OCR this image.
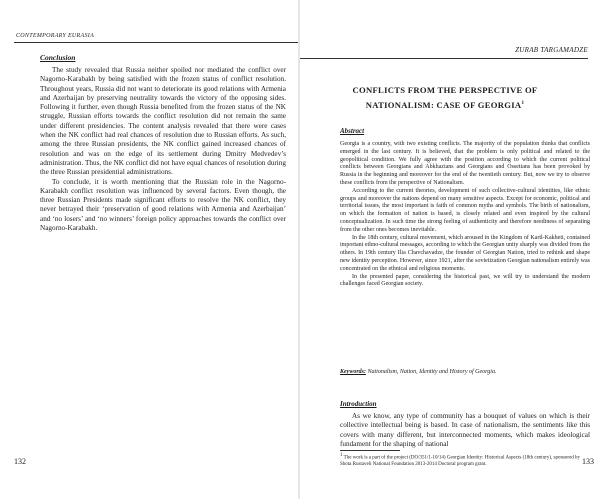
CONTEMPORARY EURASIA
Conclusion

The study revealed that Russia neither spoiled nor mediated the conflict over Nagorno-Karabakh by being satisfied with the frozen status of conflict resolution. Throughout years, Russia did not want to deteriorate its good relations with Armenia and Azerbaijan by preserving neutrality towards the victory of the opposing sides. Following it further, even though Russia benefited from the frozen status of the NK struggle, Russian efforts towards the conflict resolution did not remain the same under different presidencies. The content analysis revealed that there were cases when the NK conflict had real chances of resolution due to Russian efforts. As such, among the three Russian presidents, the NK conflict gained increased chances of resolution and was on the edge of its settlement during Dmitry Medvedev’s administration. Thus, the NK conflict did not have equal chances of resolution during the three Russian presidential administrations.

To conclude, it is worth mentioning that the Russian role in the Nagorno-Karabakh conflict resolution was influenced by several factors. Even though, the three Russian Presidents made significant efforts to resolve the NK conflict, they never betrayed their ‘preservation of good relations with Armenia and Azerbaijan’ and ‘no losers’ and ‘no winners’ foreign policy approaches towards the conflict over Nagorno-Karabakh.

132
ZURAB TARGAMADZE
CONFLICTS FROM THE PERSPECTIVE OF NATIONALISM: CASE OF GEORGIA$^1$
Abstract

Georgia is a country, with two existing conflicts. The majority of the population thinks that conflicts emerged in the last century. It is believed, that the problem is only political and related to the geopolitical condition. We fully agree with the position according to which the current political conflicts between Georgians and Abkhazians and Georgians and Ossetians has been provoked by Russia in the beginning and moreover for the end of the twentieth century. But, now we try to observe these conflicts from the perspective of Nationalism.

According to the current theories, development of such collective-cultural identities, like ethnic groups and moreover the nations depend on many sensitive aspects. Except for economic, political and territorial issues, the most important is faith of common myths and symbols. The birth of nationalism, on which the formation of nation is based, is closely related and even inspired by the cultural conceptualization. In such time the strong feeling of authenticity and therefore neediness of separating from the other ones becomes inevitable.

In the 18th century, cultural movement, which aroused in the Kingdom of Kartl-Kakheti, contained important ethno-cultural messages, according to which the Georgian unity sharply was divided from the others. In 19th century Ilia Chavchavadze, the founder of Georgian Nation, tried to rethink and shape new identity perception. However, since 1921, after the sovietization Georgian nationalism entirely was concentrated on the ethnical and religious moments.

In the presented paper, considering the historical past, we will try to understand the modern challenges faced Georgian society.

Keywords: Nationalism, Nation, Identity and History of Georgia.
Introduction

As we know, any type of community has a bouquet of values on which is their collective intellectual being is based. In case of nationalism, the sentiments like this covers with many different, but interconnected moments, which makes ideological fundament for the shaping of national

1 The work is a part of the project (DO/351/1-10/14) Georgian Identity: Historical Aspects (18th century), sponsored by Shota Rustaveli National Foundation 2013-2014 Doctoral program grant.	133
